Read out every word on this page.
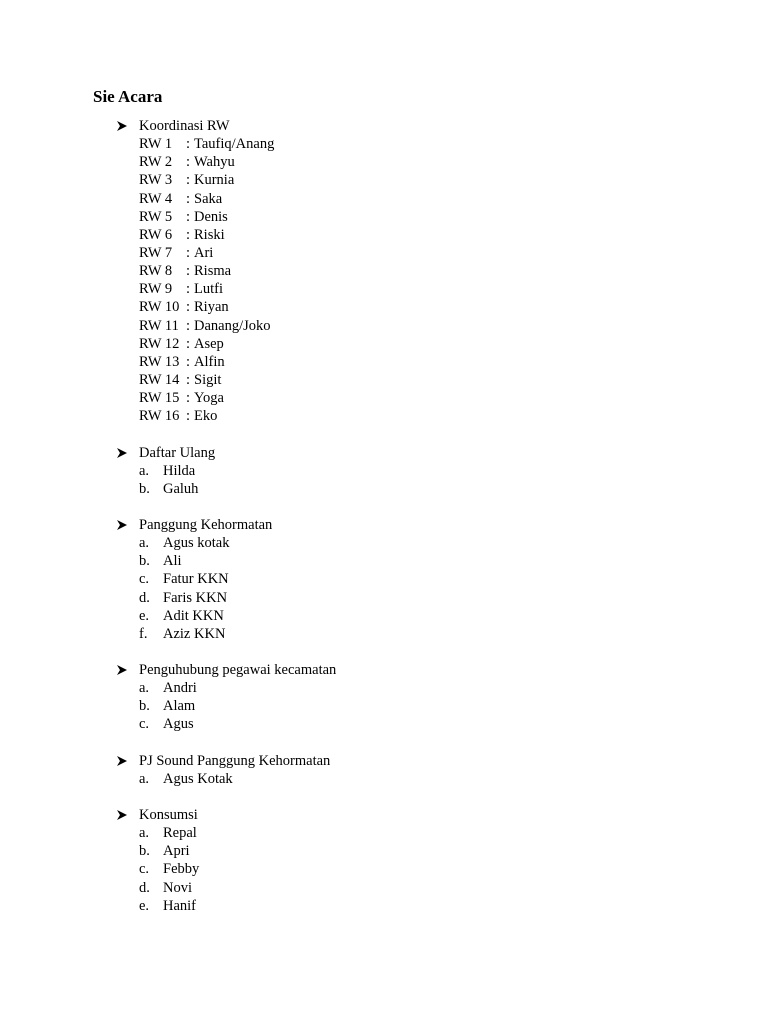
Sie Acara
Koordinasi RW
RW 1 : Taufiq/Anang
RW 2 : Wahyu
RW 3 : Kurnia
RW 4 : Saka
RW 5 : Denis
RW 6 : Riski
RW 7 : Ari
RW 8 : Risma
RW 9 : Lutfi
RW 10 : Riyan
RW 11 : Danang/Joko
RW 12 : Asep
RW 13 : Alfin
RW 14 : Sigit
RW 15 : Yoga
RW 16 : Eko
Daftar Ulang
a. Hilda
b. Galuh
Panggung Kehormatan
a. Agus kotak
b. Ali
c. Fatur KKN
d. Faris KKN
e. Adit KKN
f. Aziz KKN
Penguhubung pegawai kecamatan
a. Andri
b. Alam
c. Agus
PJ Sound Panggung Kehormatan
a. Agus Kotak
Konsumsi
a. Repal
b. Apri
c. Febby
d. Novi
e. Hanif
